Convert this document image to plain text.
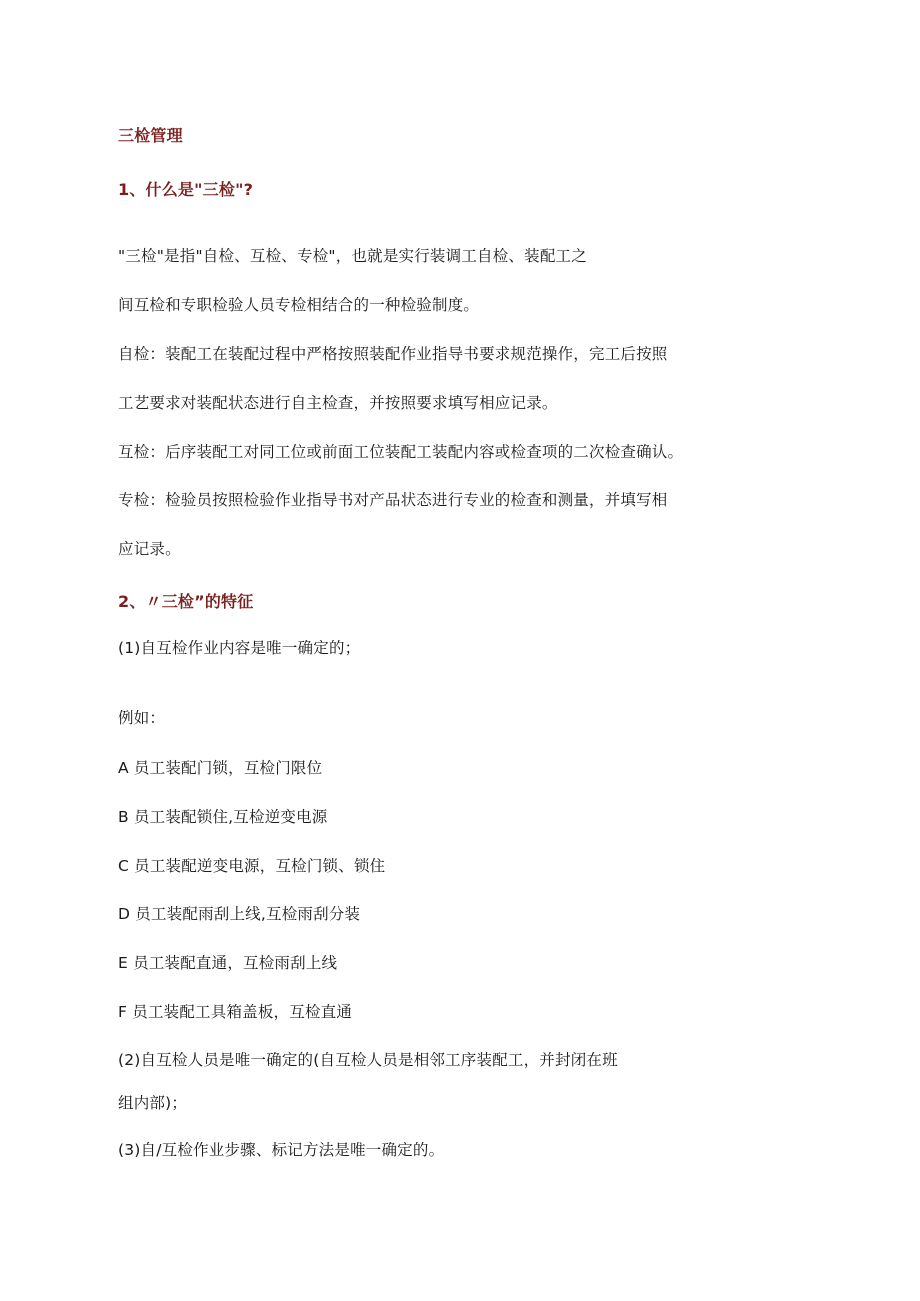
三检管理
1、什么是"三检"?
"三检"是指"自检、互检、专检"，也就是实行装调工自检、装配工之
间互检和专职检验人员专检相结合的一种检验制度。
自检：装配工在装配过程中严格按照装配作业指导书要求规范操作，完工后按照
工艺要求对装配状态进行自主检查，并按照要求填写相应记录。
互检：后序装配工对同工位或前面工位装配工装配内容或检查项的二次检查确认。
专检：检验员按照检验作业指导书对产品状态进行专业的检查和测量，并填写相
应记录。
2、〃三检”的特征
(1)自互检作业内容是唯一确定的；
例如：
A 员工装配门锁，互检门限位
B 员工装配锁住,互检逆变电源
C 员工装配逆变电源，互检门锁、锁住
D 员工装配雨刮上线,互检雨刮分装
E 员工装配直通，互检雨刮上线
F 员工装配工具箱盖板，互检直通
(2)自互检人员是唯一确定的(自互检人员是相邻工序装配工，并封闭在班
组内部)；
(3)自/互检作业步骤、标记方法是唯一确定的。
